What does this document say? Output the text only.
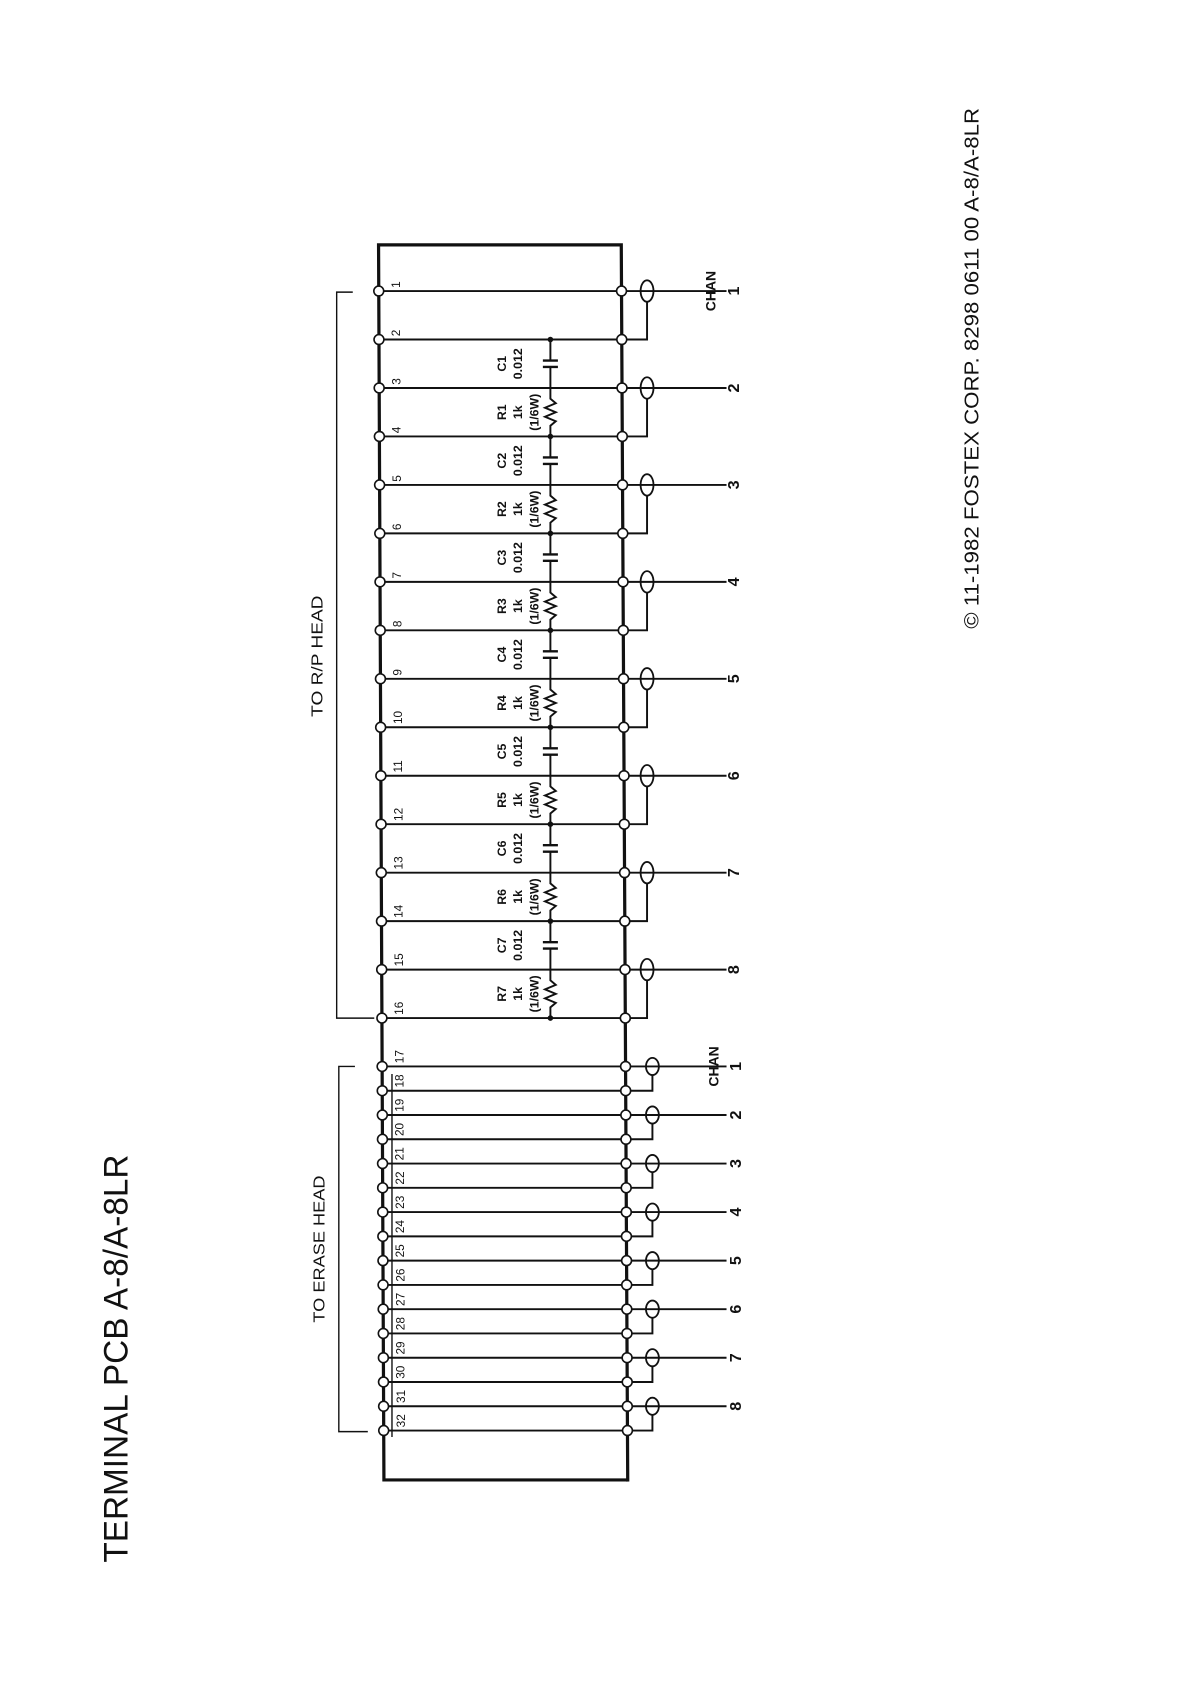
TERMINAL PCB A-8/A-8LR
© 11-1982 FOSTEX CORP. 8298 0611 00 A-8/A-8LR
TO R/P HEAD
TO ERASE HEAD
1
2
3
4
5
6
7
8
9
10
11
12
13
14
15
16
1
2
3
4
5
6
7
8
CHAN
17
18
19
20
21
22
23
24
25
26
27
28
29
30
31
32
1
2
3
4
5
6
7
8
CHAN
C1 0.012
C2 0.012
C3 0.012
C4 0.012
C5 0.012
C6 0.012
C7 0.012
R1 1k (1/6W)
R2 1k (1/6W)
R3 1k (1/6W)
R4 1k (1/6W)
R5 1k (1/6W)
R6 1k (1/6W)
R7 1k (1/6W)
